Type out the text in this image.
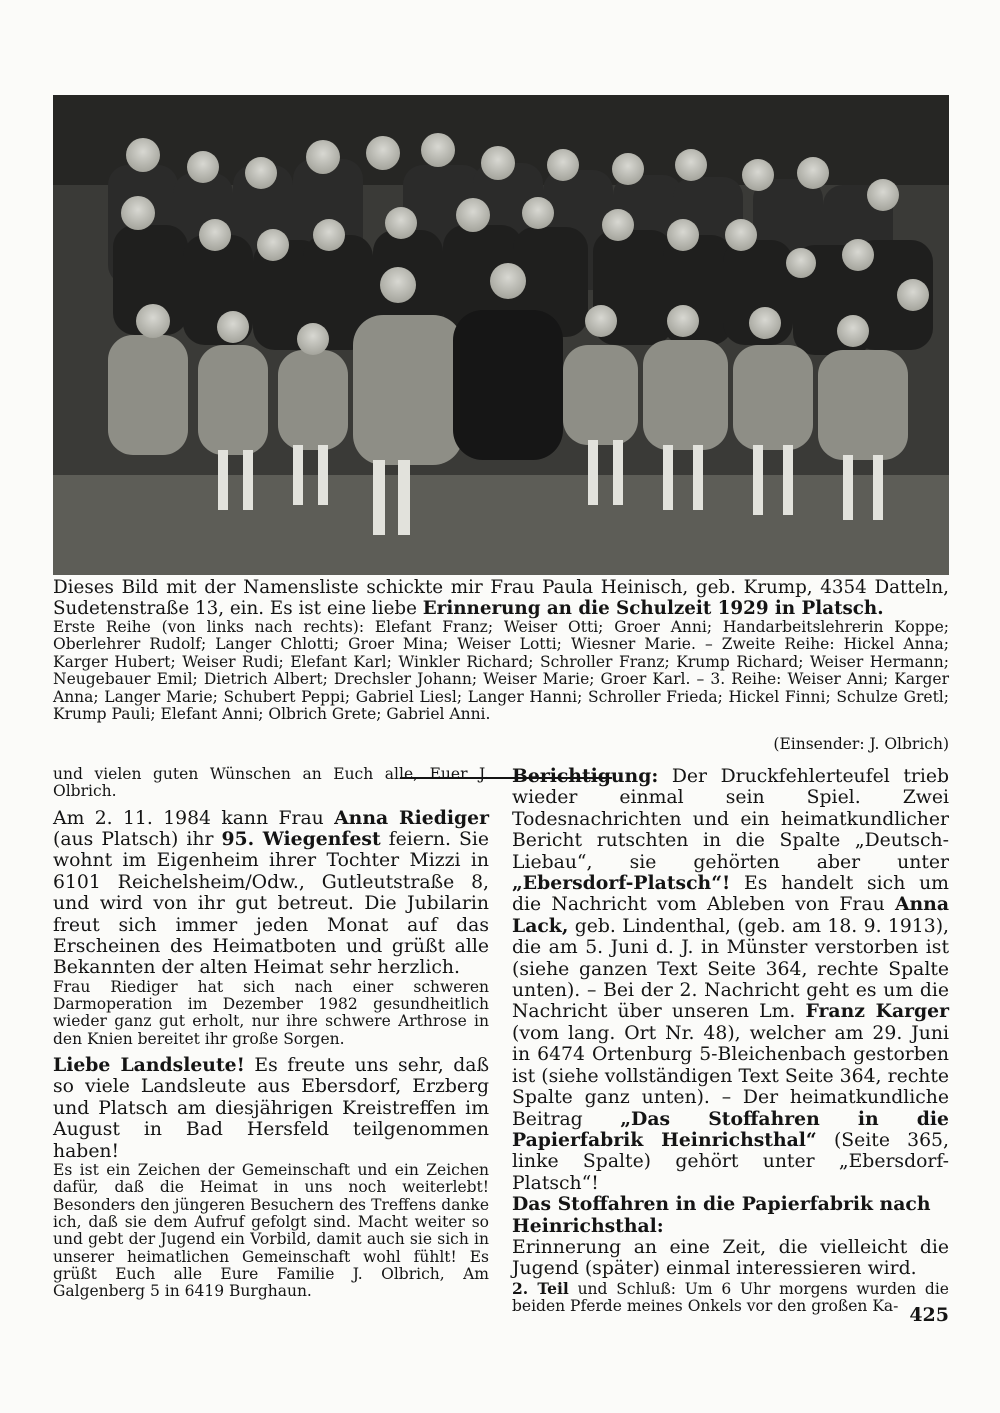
Dieses Bild mit der Namensliste schickte mir Frau Paula Heinisch, geb. Krump, 4354 Datteln, Sudetenstraße 13, ein. Es ist eine liebe Erinnerung an die Schulzeit 1929 in Platsch.

Erste Reihe (von links nach rechts): Elefant Franz; Weiser Otti; Groer Anni; Handarbeitslehrerin Koppe; Oberlehrer Rudolf; Langer Chlotti; Groer Mina; Weiser Lotti; Wiesner Marie. – Zweite Reihe: Hickel Anna; Karger Hubert; Weiser Rudi; Elefant Karl; Winkler Richard; Schroller Franz; Krump Richard; Weiser Hermann; Neugebauer Emil; Dietrich Albert; Drechsler Johann; Weiser Marie; Groer Karl. – 3. Reihe: Weiser Anni; Karger Anna; Langer Marie; Schubert Peppi; Gabriel Liesl; Langer Hanni; Schroller Frieda; Hickel Finni; Schulze Gretl; Krump Pauli; Elefant Anni; Olbrich Grete; Gabriel Anni.

(Einsender: J. Olbrich)

und vielen guten Wünschen an Euch alle, Euer J. Olbrich.

Am 2. 11. 1984 kann Frau Anna Riediger (aus Platsch) ihr 95. Wiegenfest feiern. Sie wohnt im Eigenheim ihrer Tochter Mizzi in 6101 Reichelsheim/Odw., Gutleutstraße 8, und wird von ihr gut betreut. Die Jubilarin freut sich immer jeden Monat auf das Erscheinen des Heimatboten und grüßt alle Bekannten der alten Heimat sehr herzlich.

Frau Riediger hat sich nach einer schweren Darmoperation im Dezember 1982 gesundheitlich wieder ganz gut erholt, nur ihre schwere Arthrose in den Knien bereitet ihr große Sorgen.

Liebe Landsleute! Es freute uns sehr, daß so viele Landsleute aus Ebersdorf, Erzberg und Platsch am diesjährigen Kreistreffen im August in Bad Hersfeld teilgenommen haben!

Es ist ein Zeichen der Gemeinschaft und ein Zeichen dafür, daß die Heimat in uns noch weiterlebt! Besonders den jüngeren Besuchern des Treffens danke ich, daß sie dem Aufruf gefolgt sind. Macht weiter so und gebt der Jugend ein Vorbild, damit auch sie sich in unserer heimatlichen Gemeinschaft wohl fühlt! Es grüßt Euch alle Eure Familie J. Olbrich, Am Galgenberg 5 in 6419 Burghaun.

Berichtigung: Der Druckfehlerteufel trieb wieder einmal sein Spiel. Zwei Todesnachrichten und ein heimatkundlicher Bericht rutschten in die Spalte „Deutsch-Liebau“, sie gehörten aber unter „Ebersdorf-Platsch“! Es handelt sich um die Nachricht vom Ableben von Frau Anna Lack, geb. Lindenthal, (geb. am 18. 9. 1913), die am 5. Juni d. J. in Münster verstorben ist (siehe ganzen Text Seite 364, rechte Spalte unten). – Bei der 2. Nachricht geht es um die Nachricht über unseren Lm. Franz Karger (vom lang. Ort Nr. 48), welcher am 29. Juni in 6474 Ortenburg 5-Bleichenbach gestorben ist (siehe vollständigen Text Seite 364, rechte Spalte ganz unten). – Der heimatkundliche Beitrag „Das Stoffahren in die Papierfabrik Heinrichsthal“ (Seite 365, linke Spalte) gehört unter „Ebersdorf-Platsch“!

Das Stoffahren in die Papierfabrik nach Heinrichsthal:

Erinnerung an eine Zeit, die vielleicht die Jugend (später) einmal interessieren wird.

2. Teil und Schluß: Um 6 Uhr morgens wurden die beiden Pferde meines Onkels vor den großen Ka- 425
